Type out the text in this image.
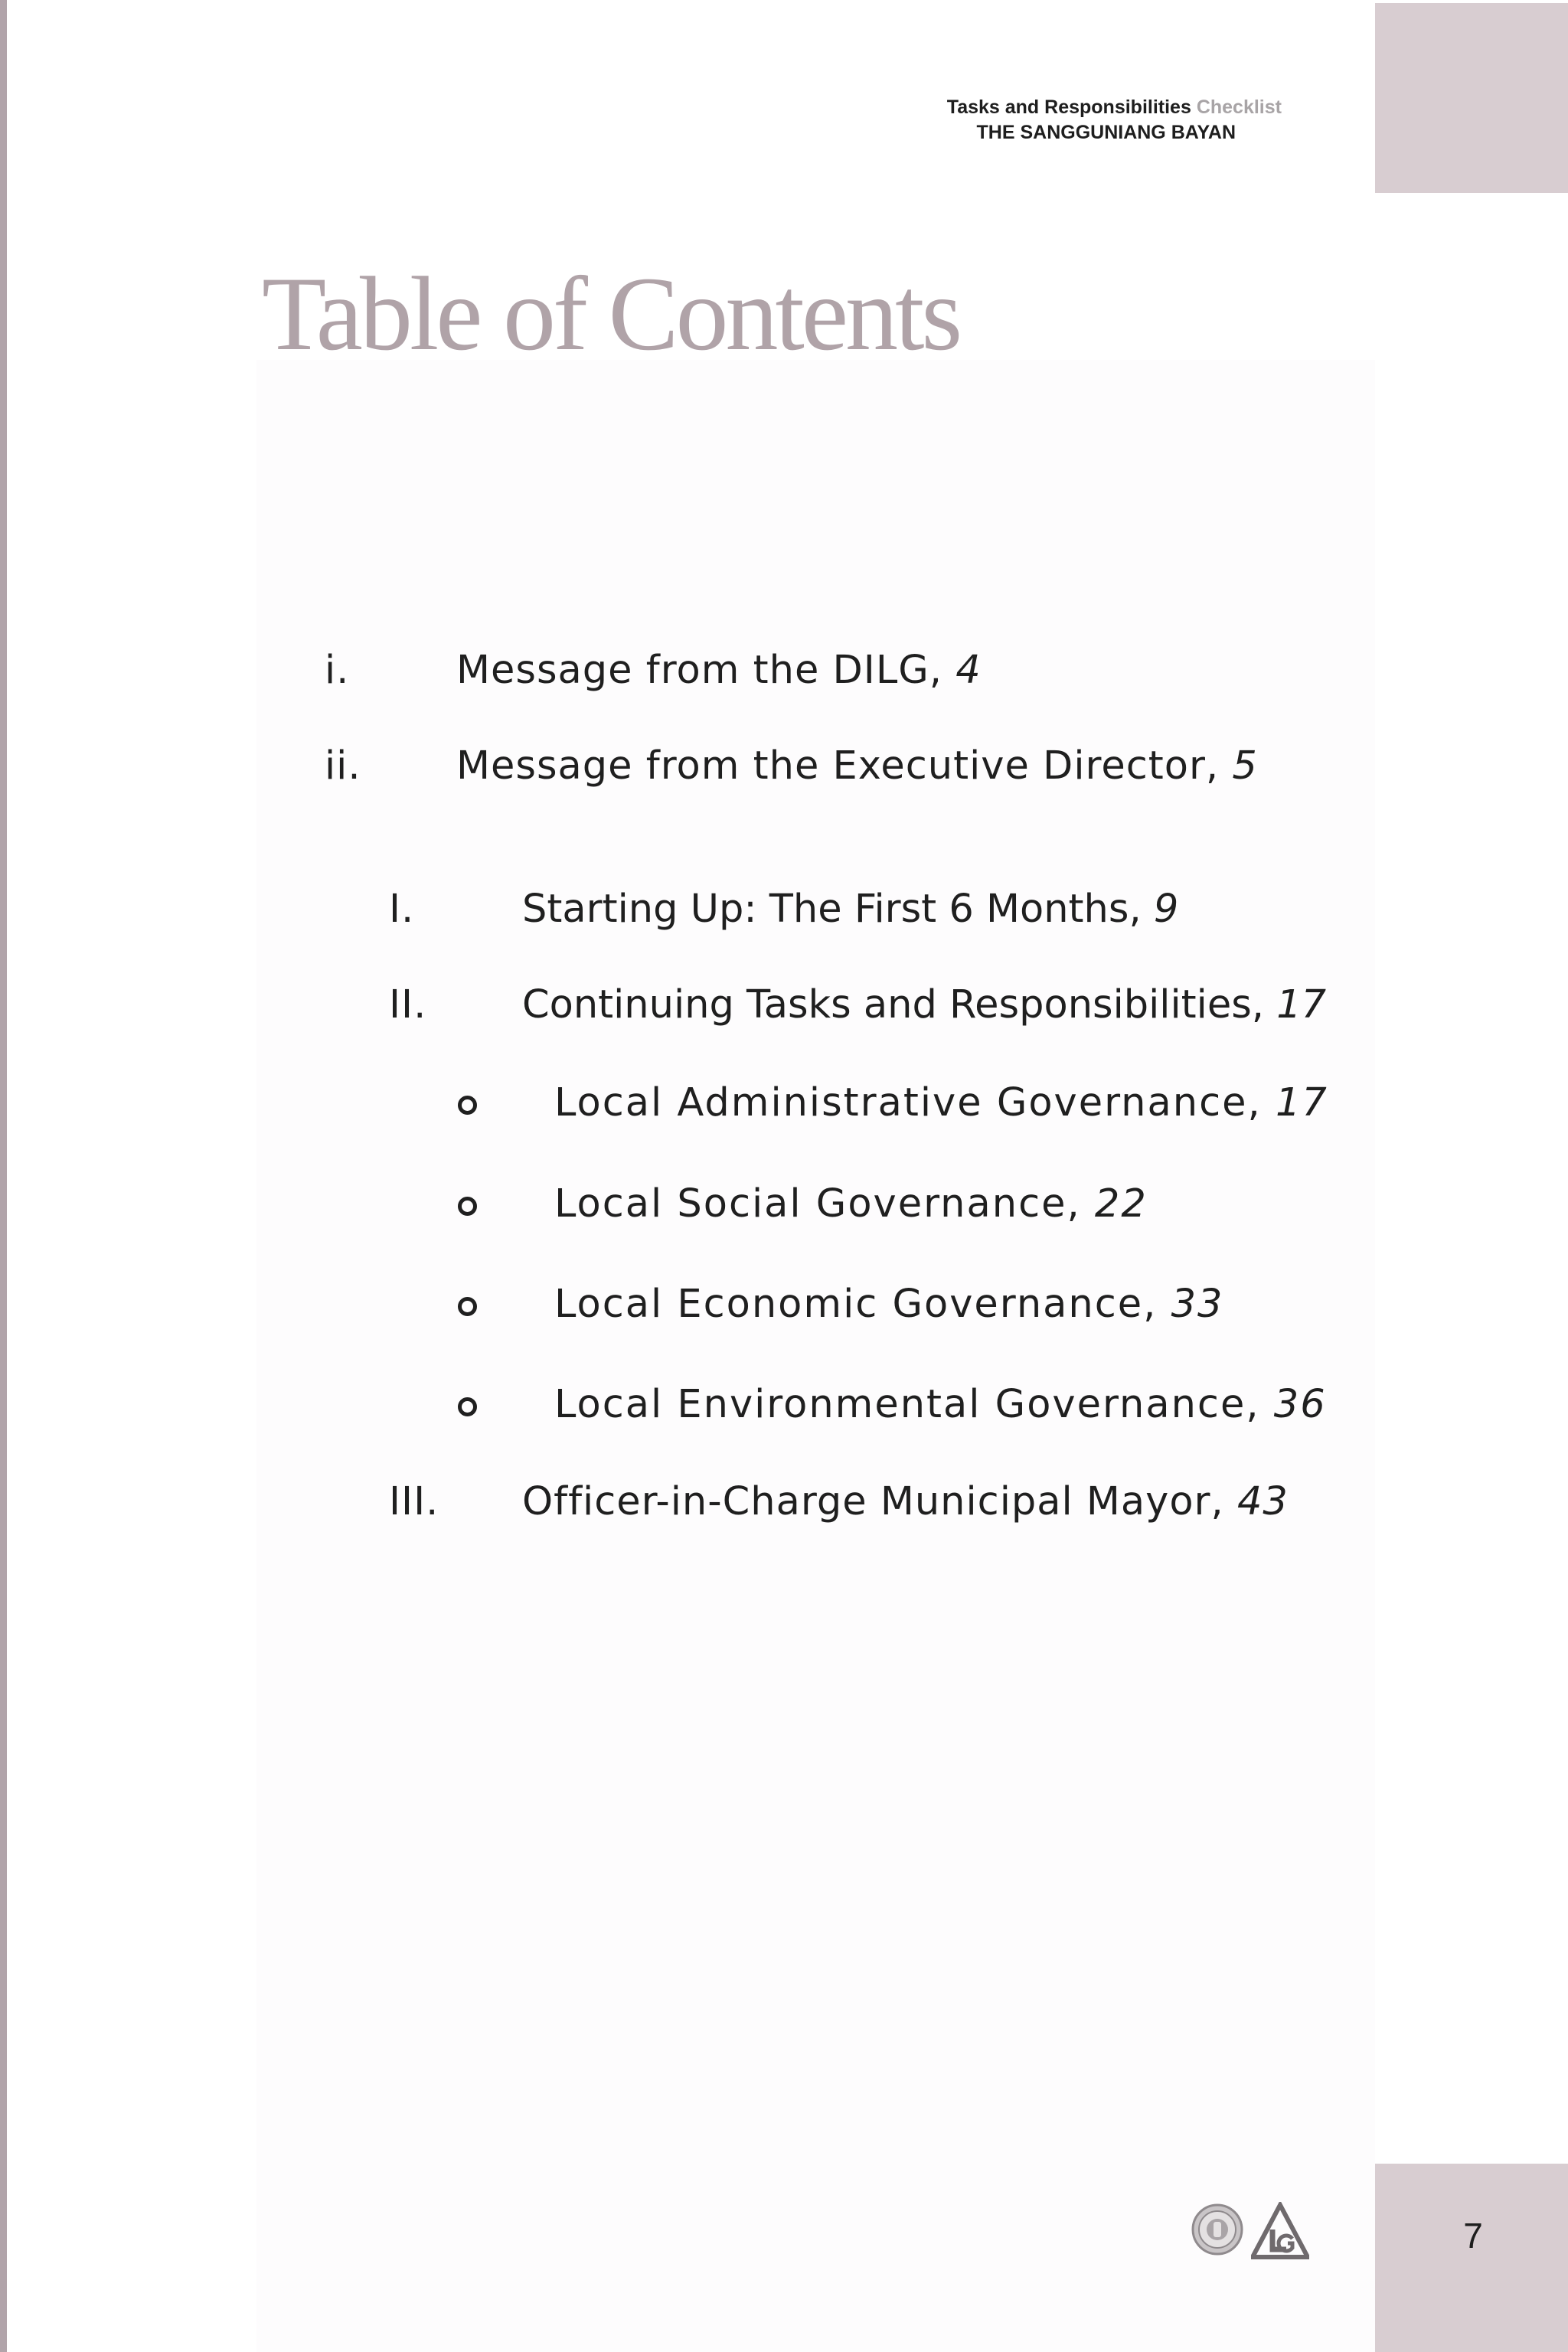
Tasks and Responsibilities Checklist
THE SANGGUNIANG BAYAN
Table of Contents
i.	Message from the DILG, 4
ii. Message from the Executive Director, 5
I.	Starting Up: The First 6 Months, 9
II. Continuing Tasks and Responsibilities, 17
Local Administrative Governance, 17
Local Social Governance, 22
Local Economic Governance, 33
Local Environmental Governance, 36
III. Officer-in-Charge Municipal Mayor, 43
7
